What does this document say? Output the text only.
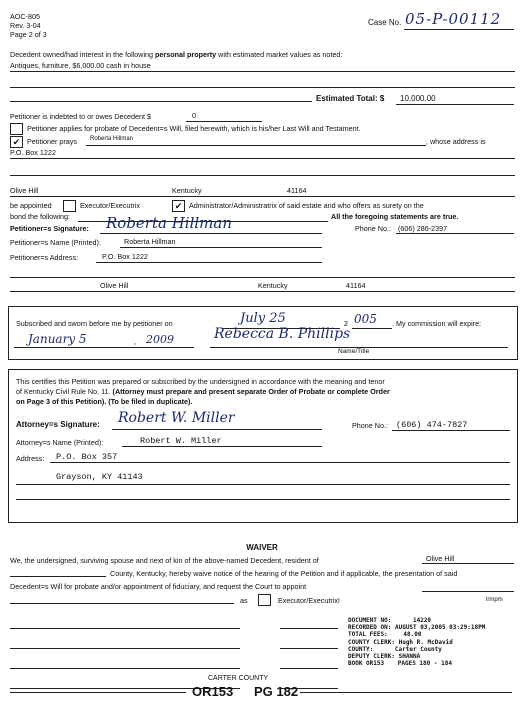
AOC-805
Rev. 3-04
Page 2 of 3
Case No. 05-P-00112
Decedent owned/had interest in the following personal property with estimated market values as noted:
Antiques, furniture, $6,000.00 cash in house
Estimated Total: $ 10,000.00
Petitioner is indebted to or owes Decedent $	0
Petitioner applies for probate of Decedent=s Will, filed herewith, which is his/her Last Will and Testament.
✔ Petitioner prays Roberta Hillman	, whose address is
P.O. Box 1222
Olive Hill	Kentucky	41164
be appointed	Executor/Executrix	✔ Administrator/Administratrix of said estate and who offers as surety on the
bond the following:	All the foregoing statements are true.
Petitioner=s Signature: Roberta Hillman	Phone No.: (606) 286-2397
Petitioner=s Name (Printed):	Roberta Hillman
Petitioner=s Address:	P.O. Box 1222
Olive Hill	Kentucky	41164
Subscribed and sworn before me by petitioner on	July 25	2 005 . My commission will expire:
January 5	, 2009	Rebecca B. Phillips
Name/Title
This certifies this Petition was prepared or subscribed by the undersigned in accordance with the meaning and tenor
of Kentucky Civil Rule No. 11. (Attorney must prepare and present separate Order of Probate or complete Order
on Page 3 of this Petition). (To be filed in duplicate).
Attorney=s Signature: Robert W. Miller	Phone No.: (606) 474-7827
Attorney=s Name (Printed):	Robert W. Miller
Address: P.O. Box 357
Grayson, KY 41143
WAIVER
We, the undersigned, surviving spouse and next of kin of the above-named Decedent, resident of	Olive Hill
County, Kentucky, hereby waive notice of the hearing of the Petition and if applicable, the presentation of said
Decedent=s Will for probate and/or appointment of fiduciary, and request the Court to appoint
as	Executor/Executrix!	lrmpm
DOCUMENT NO:	14220
RECORDED ON: AUGUST 03,2005 03:29:18PM
TOTAL FEES:	48.00
COUNTY CLERK: Hugh R. McDavid
COUNTY:	Carter County
DEPUTY CLERK: SHANNA
BOOK OR153 PAGES 180 - 184
CARTER COUNTY
OR153 PG 182
